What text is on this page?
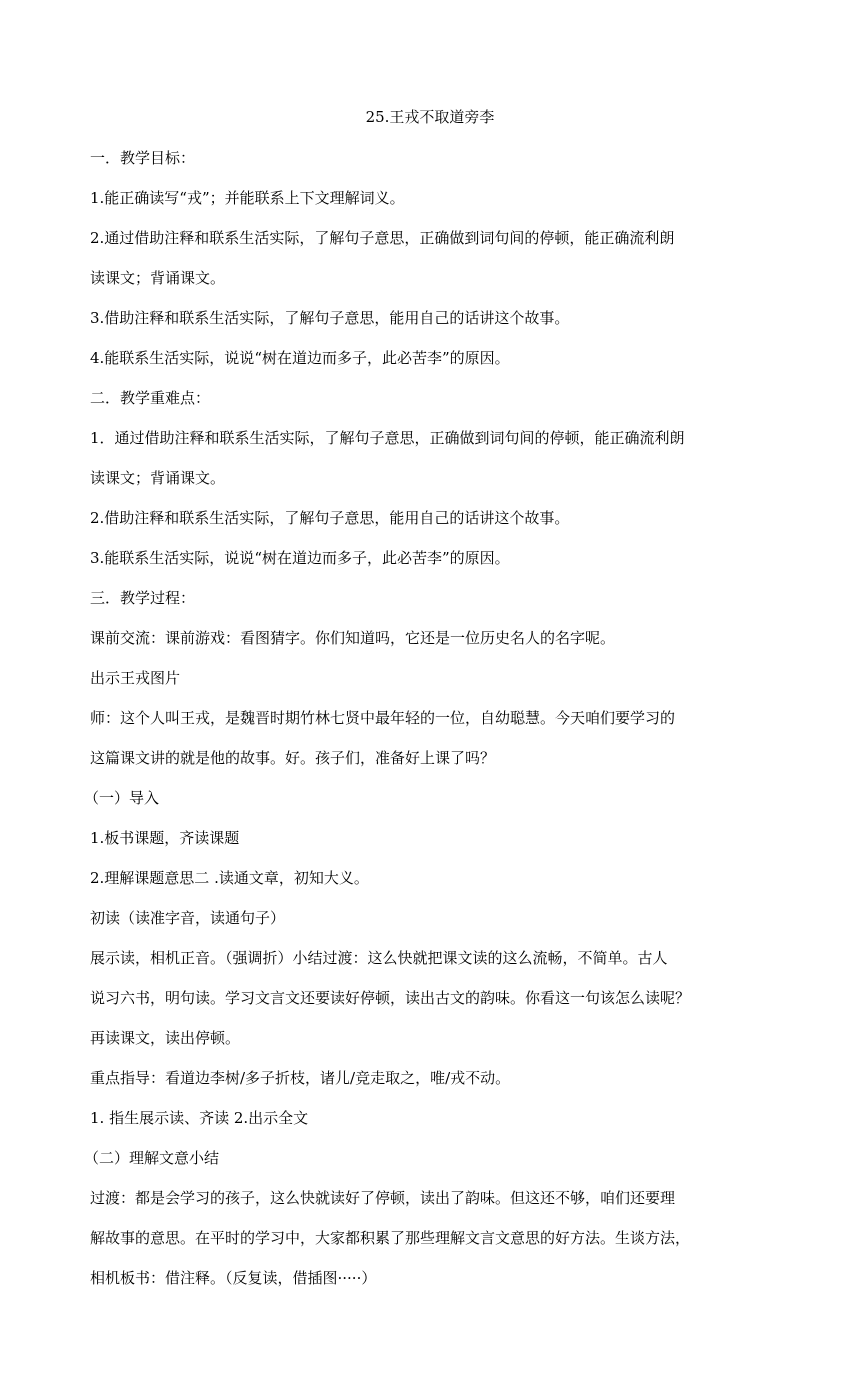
25.王戎不取道旁李
一．教学目标：
1.能正确读写“戎”；并能联系上下文理解词义。
2.通过借助注释和联系生活实际，了解句子意思，正确做到词句间的停顿，能正确流利朗
读课文；背诵课文。
3.借助注释和联系生活实际，了解句子意思，能用自己的话讲这个故事。
4.能联系生活实际，说说“树在道边而多子，此必苦李”的原因。
二．教学重难点：
1．通过借助注释和联系生活实际，了解句子意思，正确做到词句间的停顿，能正确流利朗
读课文；背诵课文。
2.借助注释和联系生活实际，了解句子意思，能用自己的话讲这个故事。
3.能联系生活实际，说说“树在道边而多子，此必苦李”的原因。
三．教学过程：
课前交流：课前游戏：看图猜字。你们知道吗，它还是一位历史名人的名字呢。
出示王戎图片
师：这个人叫王戎，是魏晋时期竹林七贤中最年轻的一位，自幼聪慧。今天咱们要学习的
这篇课文讲的就是他的故事。好。孩子们，准备好上课了吗？
（一）导入
1.板书课题，齐读课题
2.理解课题意思二 .读通文章，初知大义。
初读（读准字音，读通句子）
展示读，相机正音。（强调折）小结过渡：这么快就把课文读的这么流畅，不简单。古人
说习六书，明句读。学习文言文还要读好停顿，读出古文的韵味。你看这一句该怎么读呢？
再读课文，读出停顿。
重点指导：看道边李树/多子折枝，诸儿/竞走取之，唯/戎不动。
1. 指生展示读、齐读 2.出示全文
（二）理解文意小结
过渡：都是会学习的孩子，这么快就读好了停顿，读出了韵味。但这还不够，咱们还要理
解故事的意思。在平时的学习中，大家都积累了那些理解文言文意思的好方法。生谈方法，
相机板书：借注释。（反复读，借插图·····）
